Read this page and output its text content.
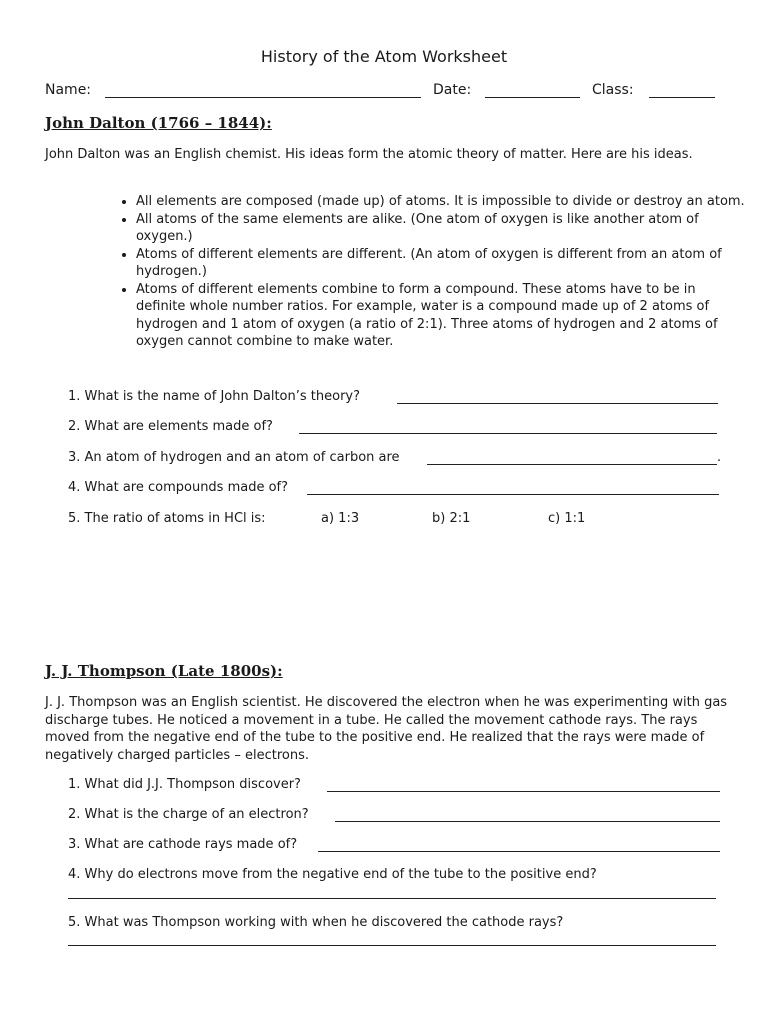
History of the Atom Worksheet
Name:	Date:	Class:
John Dalton (1766 – 1844):

John Dalton was an English chemist. His ideas form the atomic theory of matter. Here are his ideas.

• All elements are composed (made up) of atoms. It is impossible to divide or destroy an atom.
• All atoms of the same elements are alike. (One atom of oxygen is like another atom of oxygen.)
• Atoms of different elements are different. (An atom of oxygen is different from an atom of hydrogen.)
• Atoms of different elements combine to form a compound. These atoms have to be in definite whole number ratios. For example, water is a compound made up of 2 atoms of hydrogen and 1 atom of oxygen (a ratio of 2:1). Three atoms of hydrogen and 2 atoms of oxygen cannot combine to make water.
1. What is the name of John Dalton’s theory?
2. What are elements made of?
3. An atom of hydrogen and an atom of carbon are	.
4. What are compounds made of?
5. The ratio of atoms in HCl is:	a) 1:3	b) 2:1	c) 1:1
J. J. Thompson (Late 1800s):

J. J. Thompson was an English scientist. He discovered the electron when he was experimenting with gas discharge tubes. He noticed a movement in a tube. He called the movement cathode rays. The rays moved from the negative end of the tube to the positive end. He realized that the rays were made of negatively charged particles – electrons.

1. What did J.J. Thompson discover?
2. What is the charge of an electron?
3. What are cathode rays made of?
4. Why do electrons move from the negative end of the tube to the positive end?
5. What was Thompson working with when he discovered the cathode rays?
